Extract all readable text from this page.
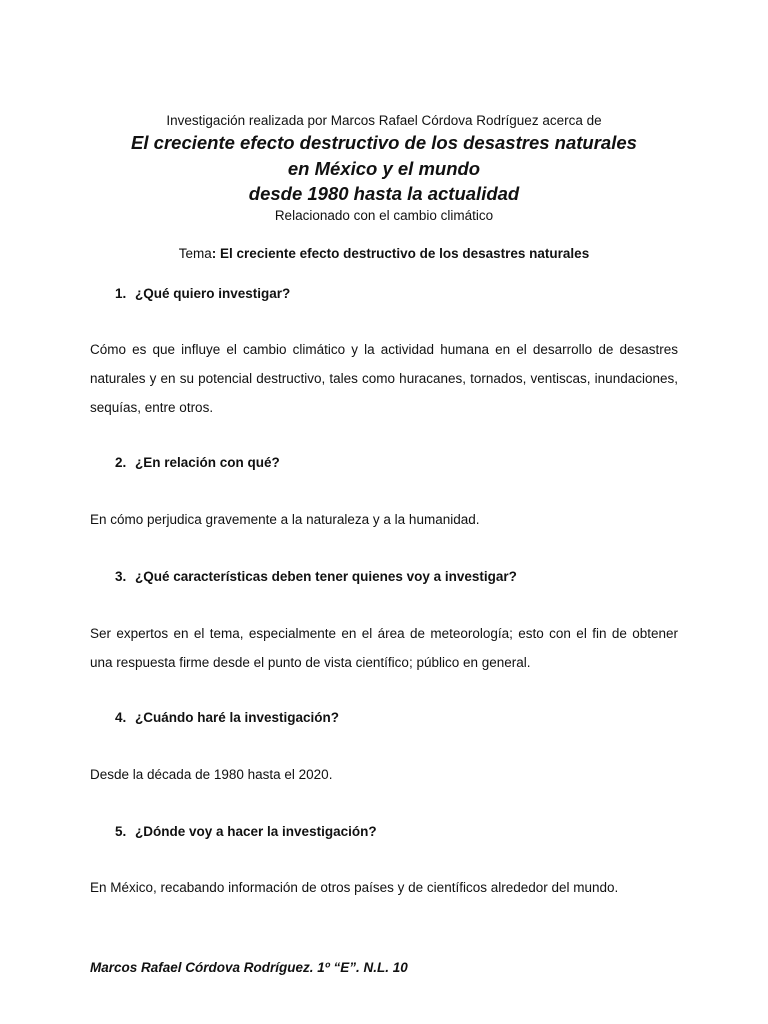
Investigación realizada por Marcos Rafael Córdova Rodríguez acerca de
El creciente efecto destructivo de los desastres naturales
en México y el mundo
desde 1980 hasta la actualidad
Relacionado con el cambio climático
Tema: El creciente efecto destructivo de los desastres naturales
1. ¿Qué quiero investigar?
Cómo es que influye el cambio climático y la actividad humana en el desarrollo de desastres naturales y en su potencial destructivo, tales como huracanes, tornados, ventiscas, inundaciones, sequías, entre otros.
2. ¿En relación con qué?
En cómo perjudica gravemente a la naturaleza y a la humanidad.
3. ¿Qué características deben tener quienes voy a investigar?
Ser expertos en el tema, especialmente en el área de meteorología; esto con el fin de obtener una respuesta firme desde el punto de vista científico; público en general.
4. ¿Cuándo haré la investigación?
Desde la década de 1980 hasta el 2020.
5. ¿Dónde voy a hacer la investigación?
En México, recabando información de otros países y de científicos alrededor del mundo.
Marcos Rafael Córdova Rodríguez. 1º “E”. N.L. 10
